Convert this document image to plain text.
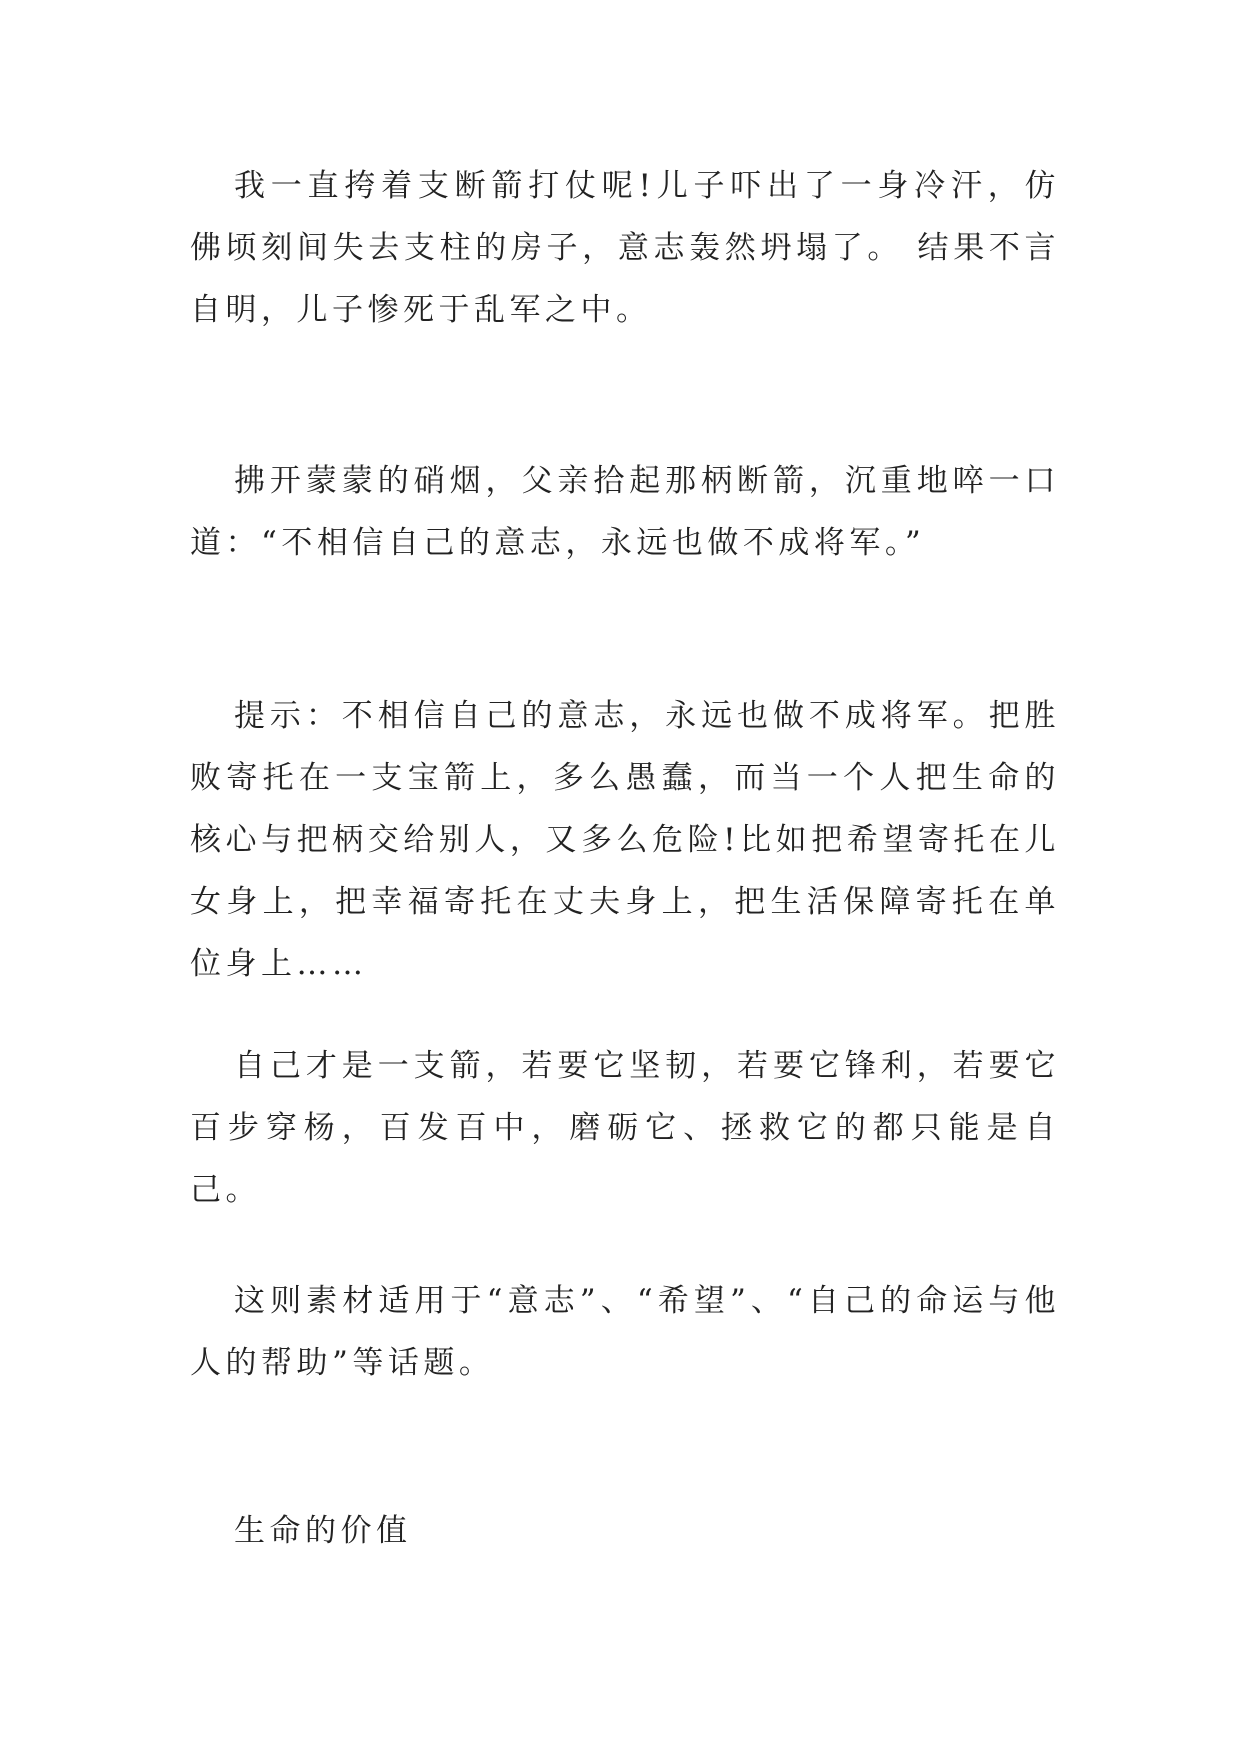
我一直挎着支断箭打仗呢!儿子吓出了一身冷汗，仿佛顷刻间失去支柱的房子，意志轰然坍塌了。 结果不言自明，儿子惨死于乱军之中。

拂开蒙蒙的硝烟，父亲拾起那柄断箭，沉重地啐一口道：“不相信自己的意志，永远也做不成将军。”

提示：不相信自己的意志，永远也做不成将军。把胜败寄托在一支宝箭上，多么愚蠢，而当一个人把生命的核心与把柄交给别人，又多么危险!比如把希望寄托在儿女身上，把幸福寄托在丈夫身上，把生活保障寄托在单位身上……

自己才是一支箭，若要它坚韧，若要它锋利，若要它百步穿杨，百发百中，磨砺它、拯救它的都只能是自己。

这则素材适用于“意志”、“希望”、“自己的命运与他人的帮助”等话题。

生命的价值
